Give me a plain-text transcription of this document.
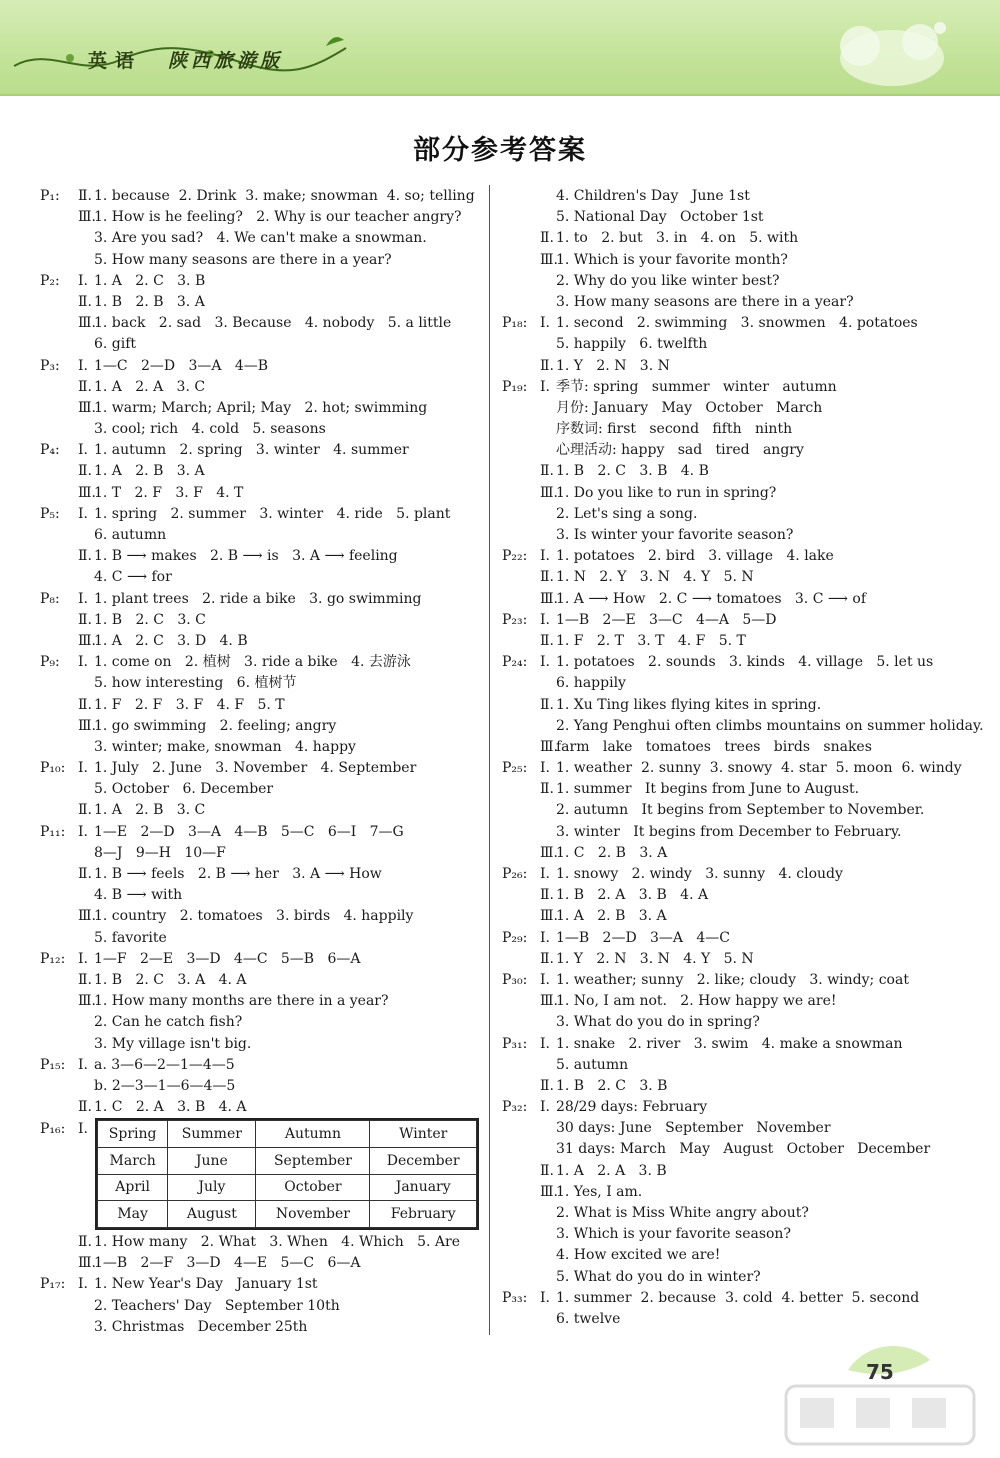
英语 陕西旅游版
部分参考答案
P₁: Ⅱ. 1. because  2. Drink  3. make; snowman  4. so; telling
Ⅲ.1. How is he feeling?   2. Why is our teacher angry?
3. Are you sad?   4. We can't make a snowman.
5. How many seasons are there in a year?
P₂: Ⅰ. 1. A   2. C   3. B
Ⅱ. 1. B   2. B   3. A
Ⅲ.1. back   2. sad   3. Because   4. nobody   5. a little
6. gift
P₃: Ⅰ. 1—C   2—D   3—A   4—B
Ⅱ. 1. A   2. A   3. C
Ⅲ.1. warm; March; April; May   2. hot; swimming
3. cool; rich   4. cold   5. seasons
P₄: Ⅰ. 1. autumn   2. spring   3. winter   4. summer
Ⅱ. 1. A   2. B   3. A
Ⅲ.1. T   2. F   3. F   4. T
P₅: Ⅰ. 1. spring   2. summer   3. winter   4. ride   5. plant
6. autumn
Ⅱ. 1. B ⟶ makes   2. B ⟶ is   3. A ⟶ feeling
4. C ⟶ for
P₈: Ⅰ. 1. plant trees   2. ride a bike   3. go swimming
Ⅱ. 1. B   2. C   3. C
Ⅲ.1. A   2. C   3. D   4. B
P₉: Ⅰ. 1. come on   2. 植树   3. ride a bike   4. 去游泳
5. how interesting   6. 植树节
Ⅱ. 1. F   2. F   3. F   4. F   5. T
Ⅲ.1. go swimming   2. feeling; angry
3. winter; make, snowman   4. happy
P₁₀: Ⅰ. 1. July   2. June   3. November   4. September
5. October   6. December
Ⅱ. 1. A   2. B   3. C
P₁₁: Ⅰ. 1—E   2—D   3—A   4—B   5—C   6—I   7—G
8—J   9—H   10—F
Ⅱ. 1. B ⟶ feels   2. B ⟶ her   3. A ⟶ How
4. B ⟶ with
Ⅲ.1. country   2. tomatoes   3. birds   4. happily
5. favorite
P₁₂: Ⅰ. 1—F   2—E   3—D   4—C   5—B   6—A
Ⅱ. 1. B   2. C   3. A   4. A
Ⅲ.1. How many months are there in a year?
2. Can he catch fish?
3. My village isn't big.
P₁₅: Ⅰ. a. 3—6—2—1—4—5
b. 2—3—1—6—4—5
Ⅱ. 1. C   2. A   3. B   4. A
P₁₆: Ⅰ.	Spring	Summer	Autumn	Winter
March	June	September	December
April	July	October	January
May	August	November	February
Ⅱ. 1. How many   2. What   3. When   4. Which   5. Are
Ⅲ.1—B   2—F   3—D   4—E   5—C   6—A
P₁₇: Ⅰ. 1. New Year's Day   January 1st
2. Teachers' Day   September 10th
3. Christmas   December 25th
4. Children's Day   June 1st
5. National Day   October 1st
Ⅱ. 1. to   2. but   3. in   4. on   5. with
Ⅲ.1. Which is your favorite month?
2. Why do you like winter best?
3. How many seasons are there in a year?
P₁₈: Ⅰ. 1. second   2. swimming   3. snowmen   4. potatoes
5. happily   6. twelfth
Ⅱ. 1. Y   2. N   3. N
P₁₉: Ⅰ. 季节: spring   summer   winter   autumn
月份: January   May   October   March
序数词: first   second   fifth   ninth
心理活动: happy   sad   tired   angry
Ⅱ. 1. B   2. C   3. B   4. B
Ⅲ.1. Do you like to run in spring?
2. Let's sing a song.
3. Is winter your favorite season?
P₂₂: Ⅰ. 1. potatoes   2. bird   3. village   4. lake
Ⅱ. 1. N   2. Y   3. N   4. Y   5. N
Ⅲ.1. A ⟶ How   2. C ⟶ tomatoes   3. C ⟶ of
P₂₃: Ⅰ. 1—B   2—E   3—C   4—A   5—D
Ⅱ. 1. F   2. T   3. T   4. F   5. T
P₂₄: Ⅰ. 1. potatoes   2. sounds   3. kinds   4. village   5. let us
6. happily
Ⅱ. 1. Xu Ting likes flying kites in spring.
2. Yang Penghui often climbs mountains on summer holiday.
Ⅲ.farm   lake   tomatoes   trees   birds   snakes
P₂₅: Ⅰ. 1. weather  2. sunny  3. snowy  4. star  5. moon  6. windy
Ⅱ. 1. summer   It begins from June to August.
2. autumn   It begins from September to November.
3. winter   It begins from December to February.
Ⅲ.1. C   2. B   3. A
P₂₆: Ⅰ. 1. snowy   2. windy   3. sunny   4. cloudy
Ⅱ. 1. B   2. A   3. B   4. A
Ⅲ.1. A   2. B   3. A
P₂₉: Ⅰ. 1—B   2—D   3—A   4—C
Ⅱ. 1. Y   2. N   3. N   4. Y   5. N
P₃₀: Ⅰ. 1. weather; sunny   2. like; cloudy   3. windy; coat
Ⅲ.1. No, I am not.   2. How happy we are!
3. What do you do in spring?
P₃₁: Ⅰ. 1. snake   2. river   3. swim   4. make a snowman
5. autumn
Ⅱ. 1. B   2. C   3. B
P₃₂: Ⅰ. 28/29 days: February
30 days: June   September   November
31 days: March   May   August   October   December
Ⅱ. 1. A   2. A   3. B
Ⅲ.1. Yes, I am.
2. What is Miss White angry about?
3. Which is your favorite season?
4. How excited we are!
5. What do you do in winter?
P₃₃: Ⅰ. 1. summer  2. because  3. cold  4. better  5. second
6. twelve
75
